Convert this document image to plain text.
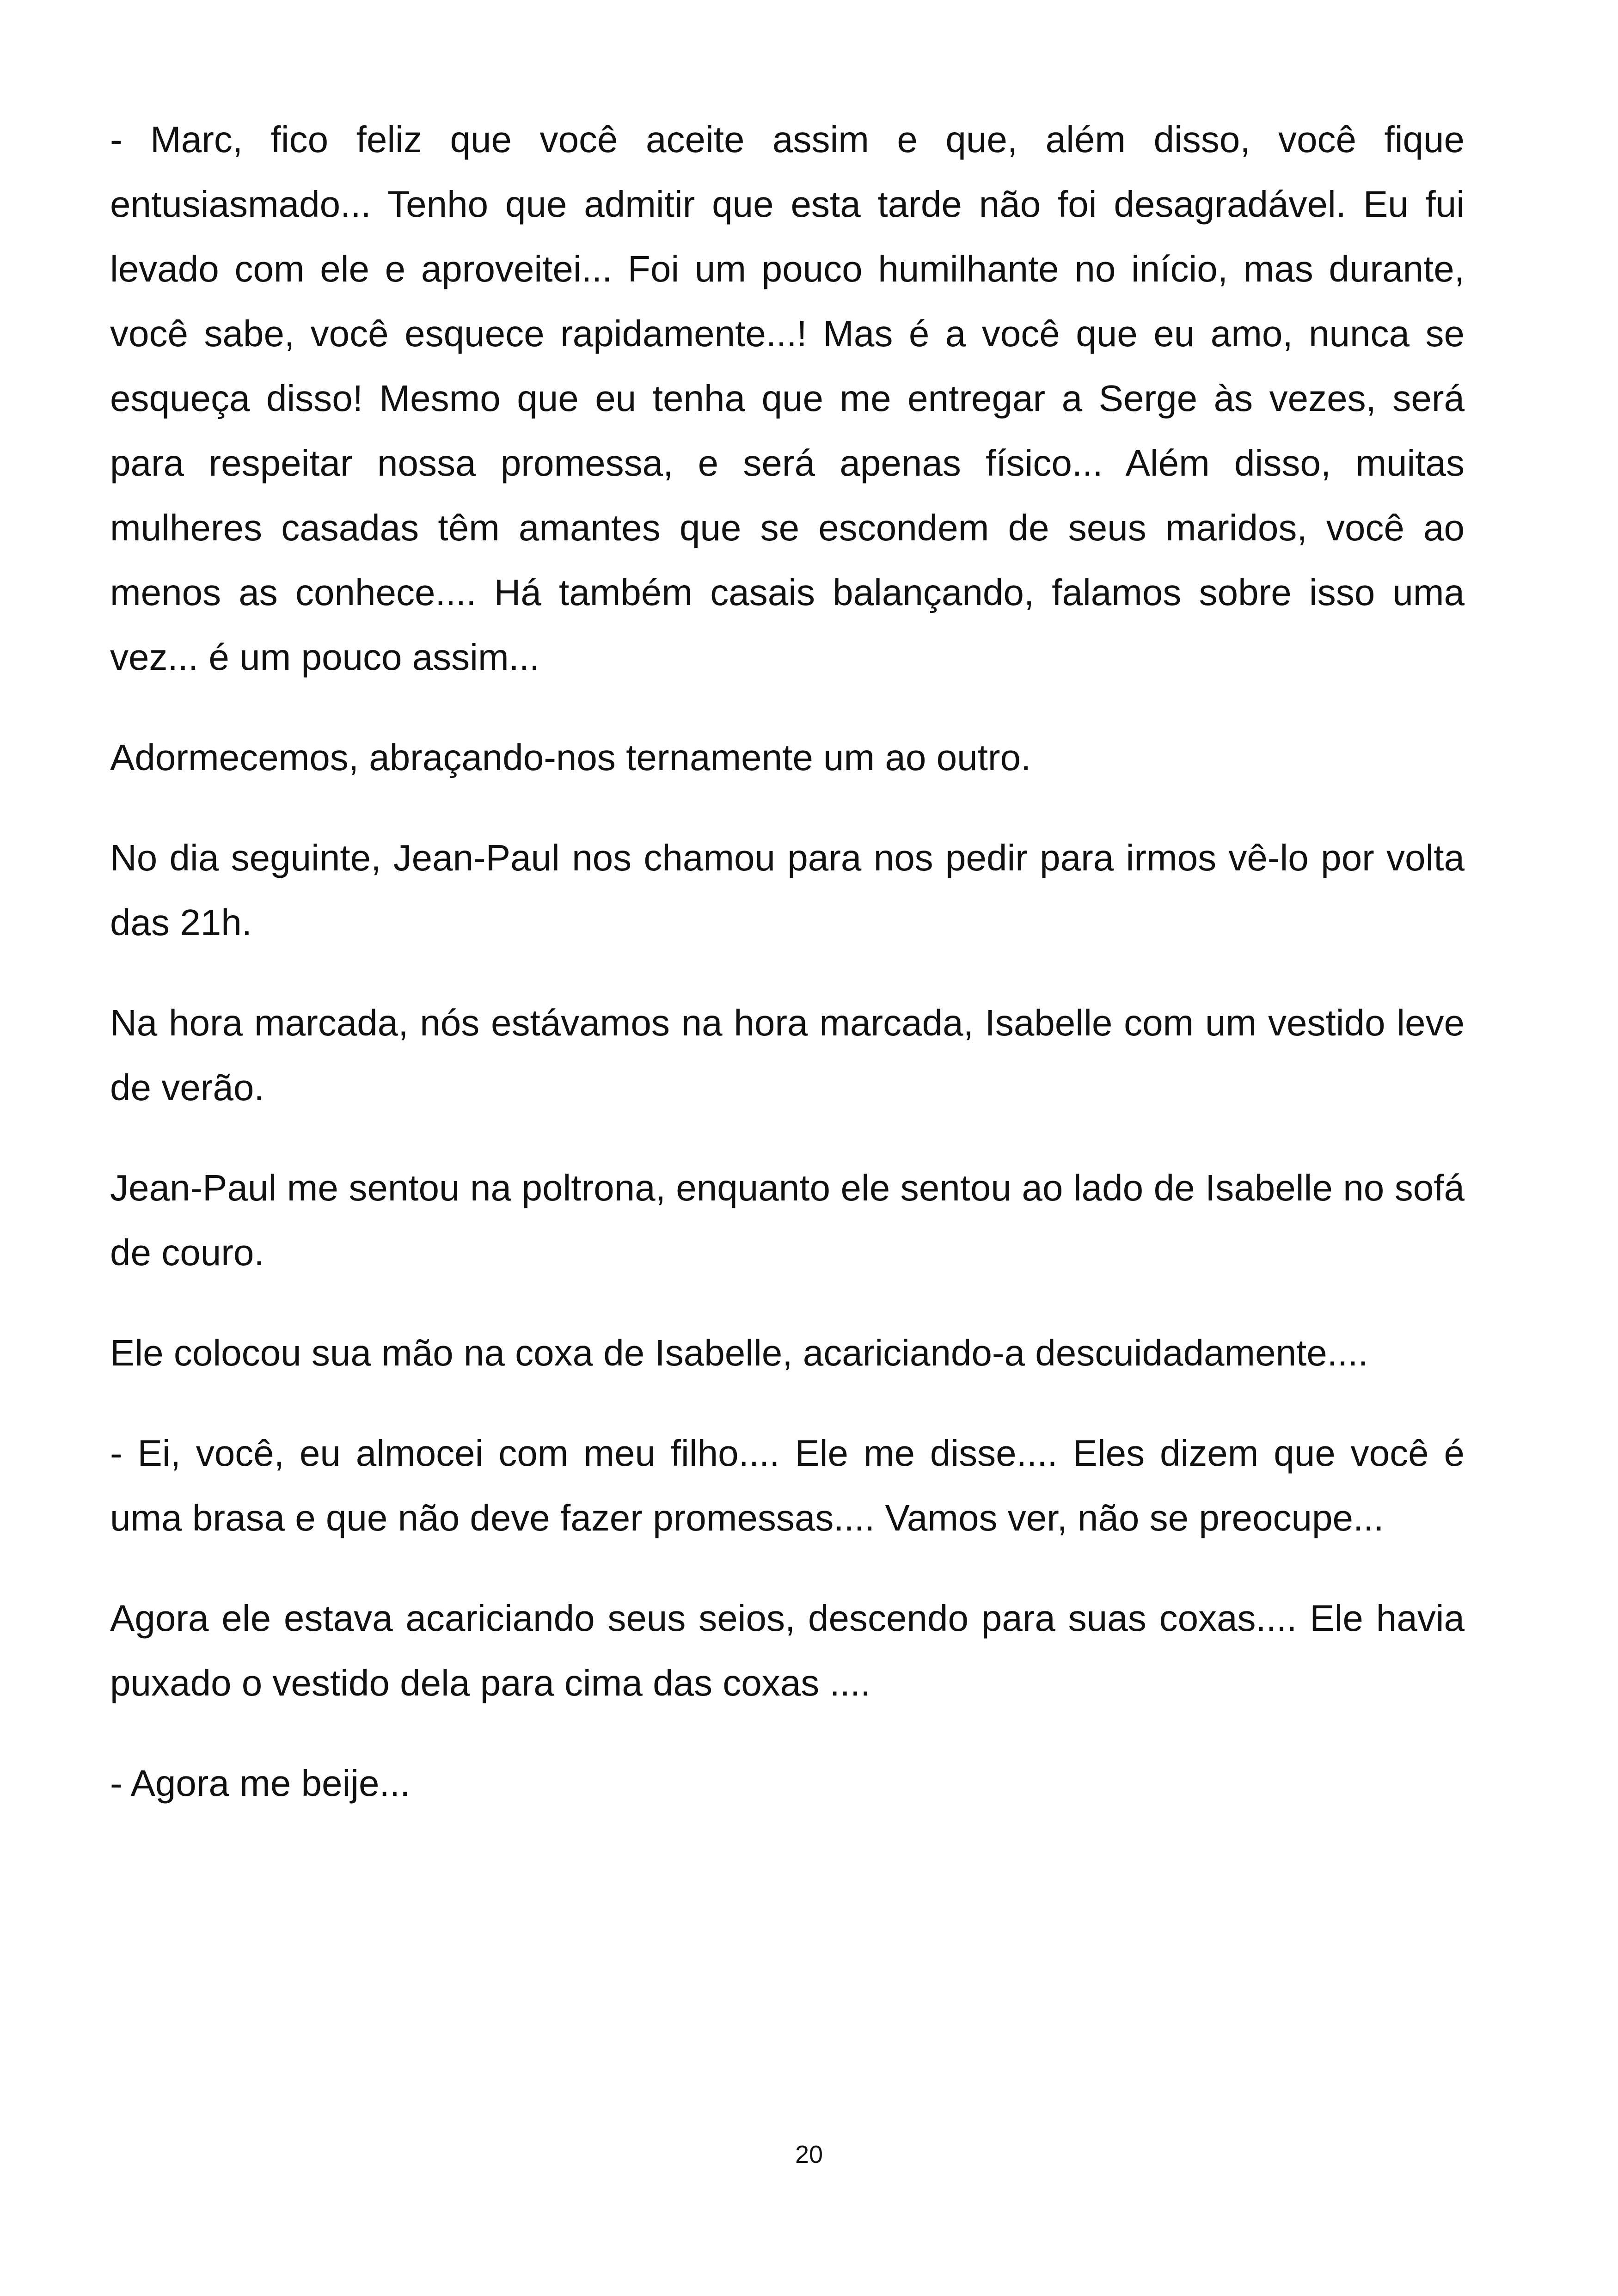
- Marc, fico feliz que você aceite assim e que, além disso, você fique entusiasmado... Tenho que admitir que esta tarde não foi desagradável. Eu fui levado com ele e aproveitei... Foi um pouco humilhante no início, mas durante, você sabe, você esquece rapidamente...! Mas é a você que eu amo, nunca se esqueça disso! Mesmo que eu tenha que me entregar a Serge às vezes, será para respeitar nossa promessa, e será apenas físico... Além disso, muitas mulheres casadas têm amantes que se escondem de seus maridos, você ao menos as conhece.... Há também casais balançando, falamos sobre isso uma vez... é um pouco assim...

Adormecemos, abraçando-nos ternamente um ao outro.

No dia seguinte, Jean-Paul nos chamou para nos pedir para irmos vê-lo por volta das 21h.

Na hora marcada, nós estávamos na hora marcada, Isabelle com um vestido leve de verão.

Jean-Paul me sentou na poltrona, enquanto ele sentou ao lado de Isabelle no sofá de couro.

Ele colocou sua mão na coxa de Isabelle, acariciando-a descuidadamente....

- Ei, você, eu almocei com meu filho.... Ele me disse.... Eles dizem que você é uma brasa e que não deve fazer promessas.... Vamos ver, não se preocupe...

Agora ele estava acariciando seus seios, descendo para suas coxas.... Ele havia puxado o vestido dela para cima das coxas ....

- Agora me beije...

20
